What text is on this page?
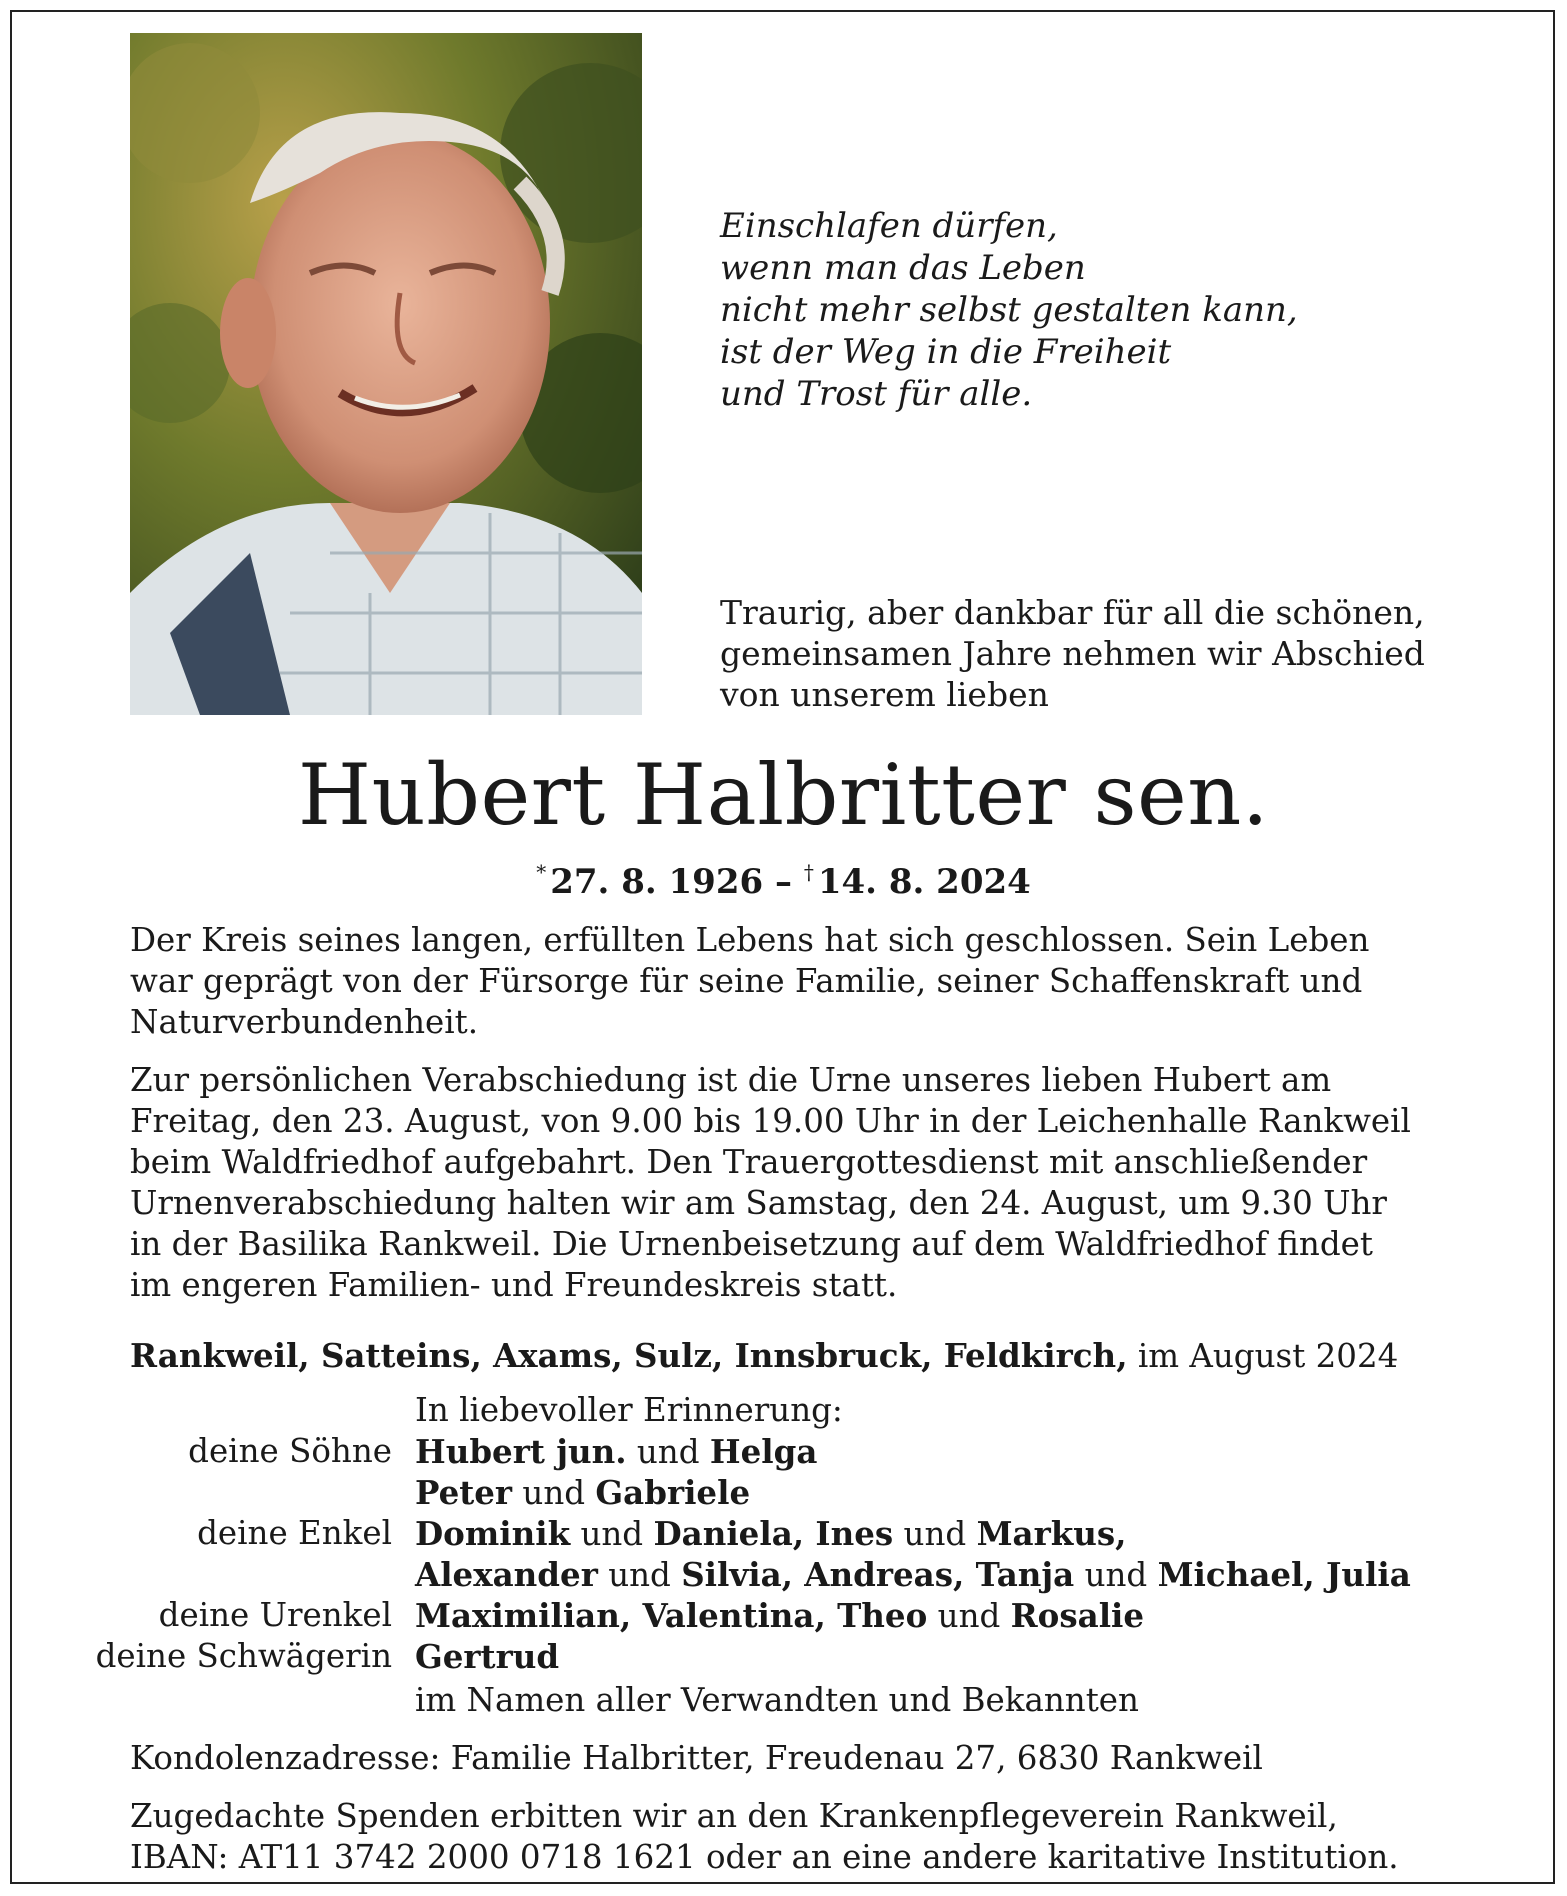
Einschlafen dürfen,
wenn man das Leben
nicht mehr selbst gestalten kann,
ist der Weg in die Freiheit
und Trost für alle.
Traurig, aber dankbar für all die schönen,
gemeinsamen Jahre nehmen wir Abschied
von unserem lieben
Hubert Halbritter sen.
* 27. 8. 1926 – † 14. 8. 2024
Der Kreis seines langen, erfüllten Lebens hat sich geschlossen. Sein Leben
war geprägt von der Fürsorge für seine Familie, seiner Schaffenskraft und
Naturverbundenheit.
Zur persönlichen Verabschiedung ist die Urne unseres lieben Hubert am
Freitag, den 23. August, von 9.00 bis 19.00 Uhr in der Leichenhalle Rankweil
beim Waldfriedhof aufgebahrt. Den Trauergottesdienst mit anschließender
Urnenverabschiedung halten wir am Samstag, den 24. August, um 9.30 Uhr
in der Basilika Rankweil. Die Urnenbeisetzung auf dem Waldfriedhof findet
im engeren Familien- und Freundeskreis statt.
Rankweil, Satteins, Axams, Sulz, Innsbruck, Feldkirch, im August 2024
In liebevoller Erinnerung:
deine Söhne Hubert jun. und Helga
Peter und Gabriele
deine Enkel Dominik und Daniela, Ines und Markus,
Alexander und Silvia, Andreas, Tanja und Michael, Julia
deine Urenkel Maximilian, Valentina, Theo und Rosalie
deine Schwägerin Gertrud
im Namen aller Verwandten und Bekannten
Kondolenzadresse: Familie Halbritter, Freudenau 27, 6830 Rankweil
Zugedachte Spenden erbitten wir an den Krankenpflegeverein Rankweil,
IBAN: AT11 3742 2000 0718 1621 oder an eine andere karitative Institution.
